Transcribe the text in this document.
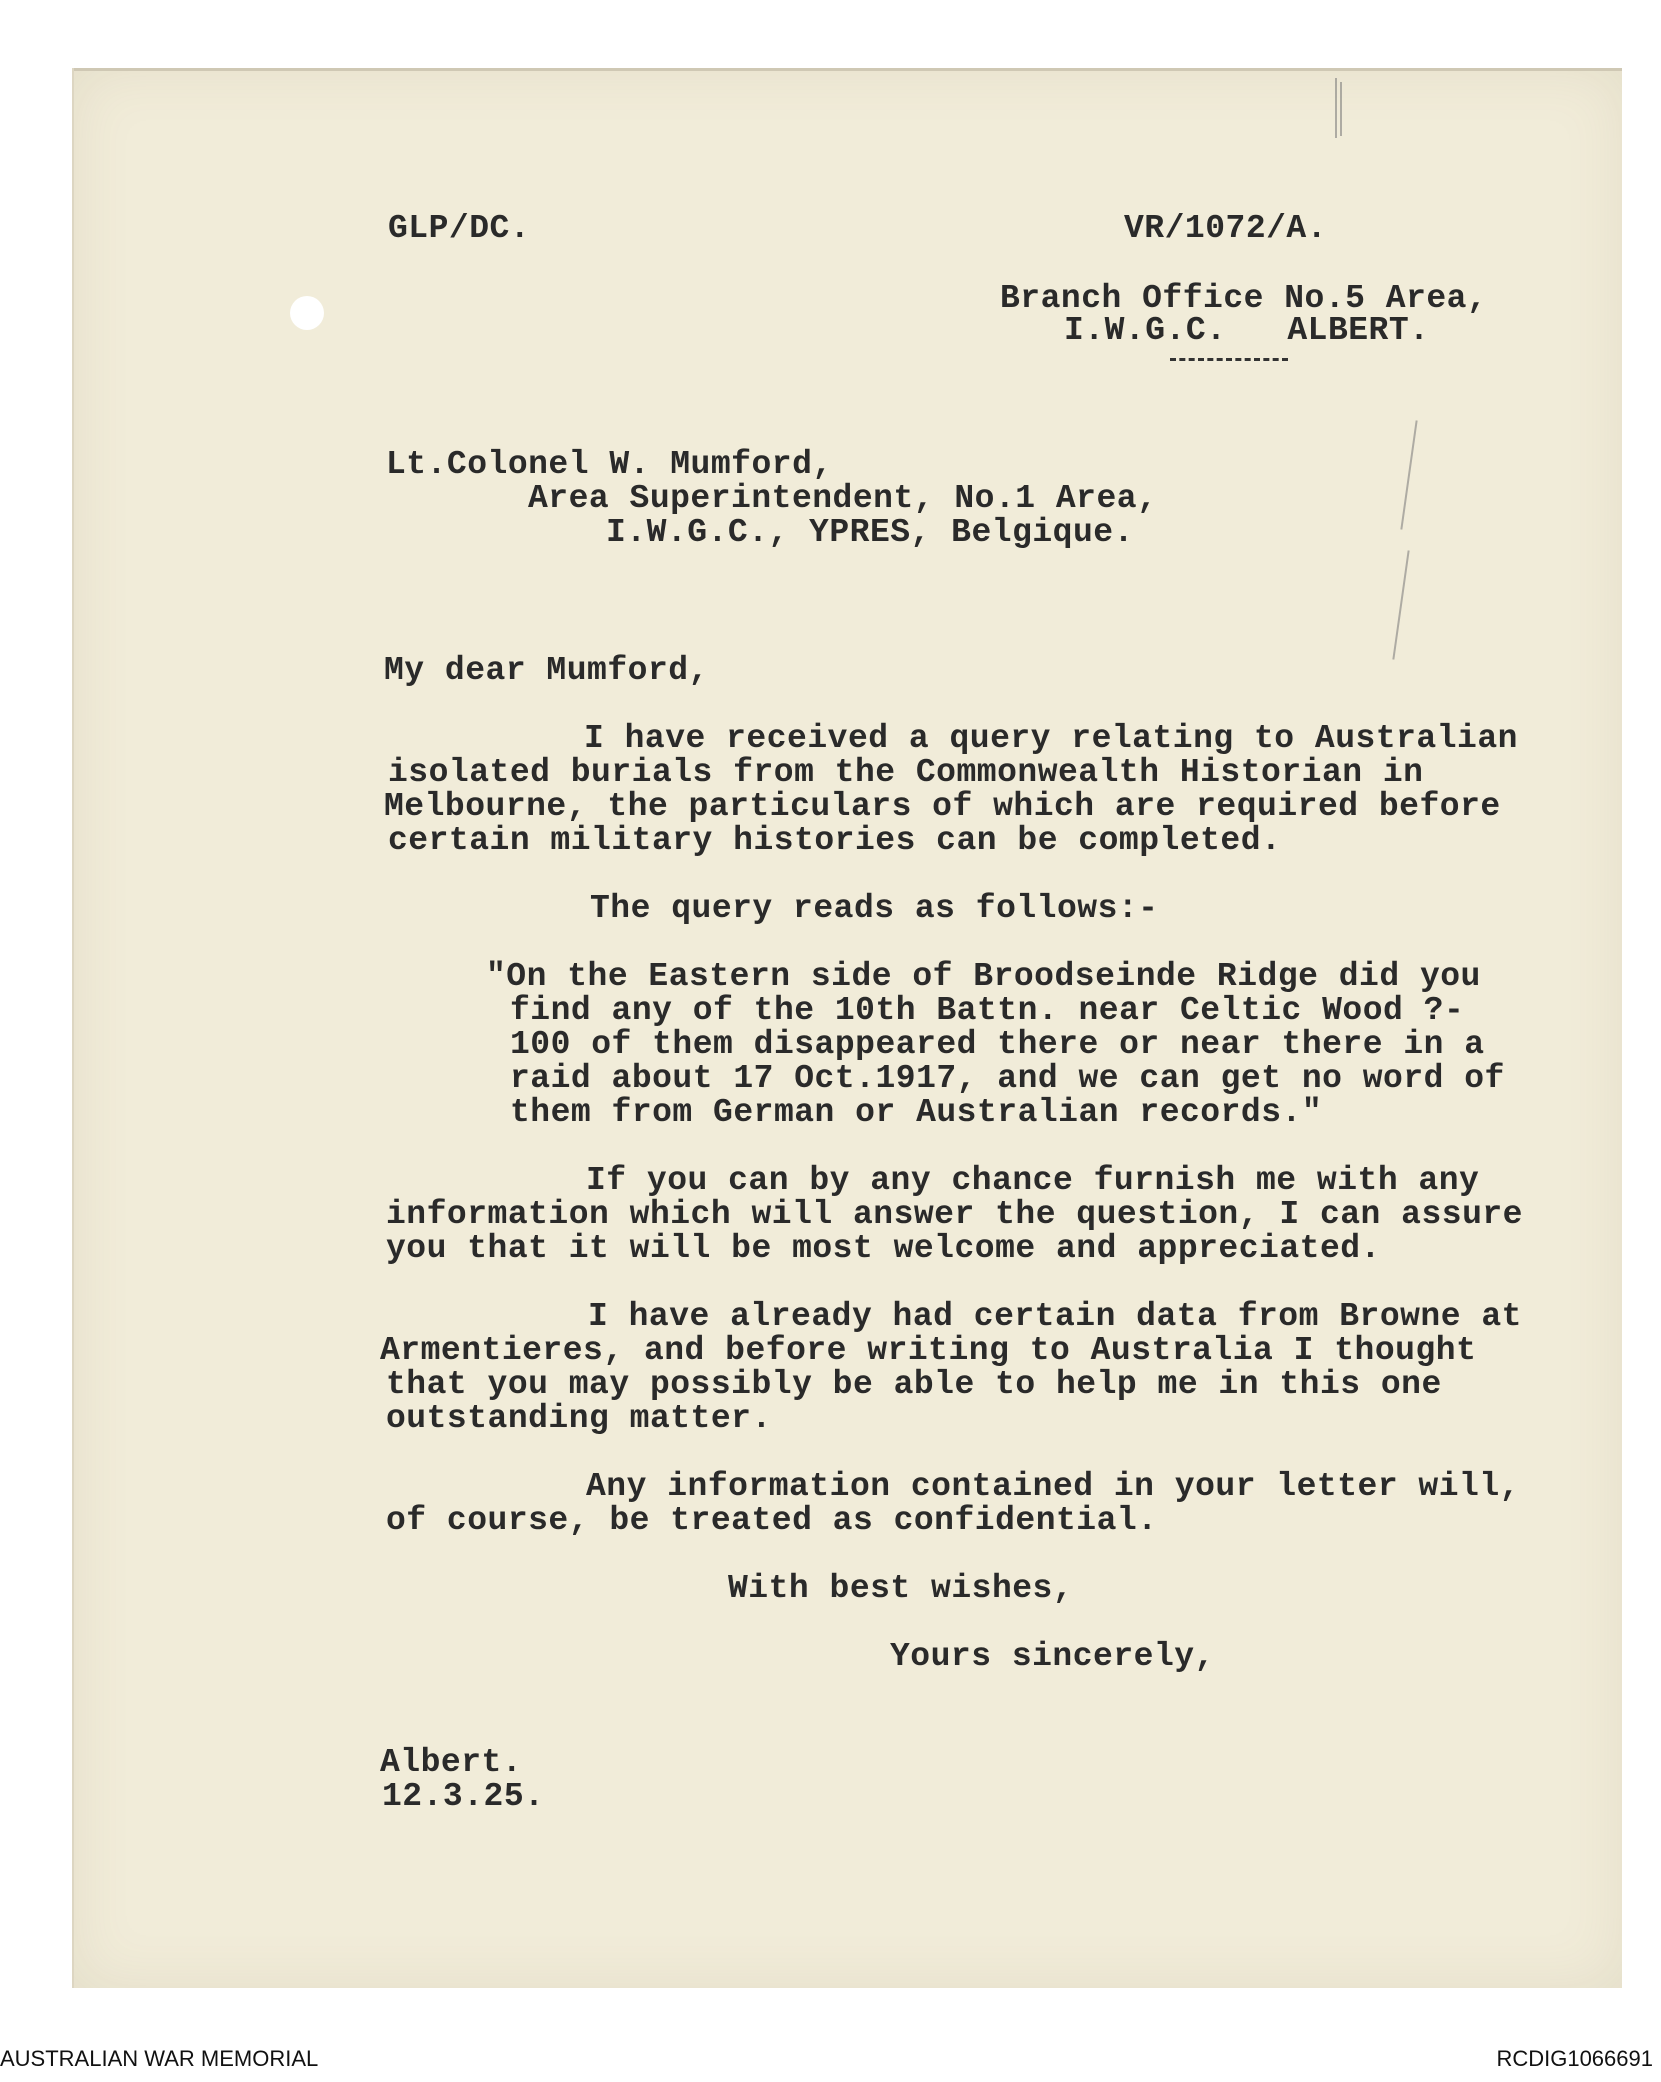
GLP/DC.	VR/1072/A.
Branch Office No.5 Area,
I.W.G.C.   ALBERT.
Lt.Colonel W. Mumford,
Area Superintendent, No.1 Area,
I.W.G.C., YPRES, Belgique.
My dear Mumford,
I have received a query relating to Australian
isolated burials from the Commonwealth Historian in
Melbourne, the particulars of which are required before
certain military histories can be completed.
The query reads as follows:-
"On the Eastern side of Broodseinde Ridge did you
find any of the 10th Battn. near Celtic Wood ?-
100 of them disappeared there or near there in a
raid about 17 Oct.1917, and we can get no word of
them from German or Australian records."
If you can by any chance furnish me with any
information which will answer the question, I can assure
you that it will be most welcome and appreciated.
I have already had certain data from Browne at
Armentieres, and before writing to Australia I thought
that you may possibly be able to help me in this one
outstanding matter.
Any information contained in your letter will,
of course, be treated as confidential.
With best wishes,
Yours sincerely,
Albert.
12.3.25.
AUSTRALIAN WAR MEMORIAL	RCDIG1066691
